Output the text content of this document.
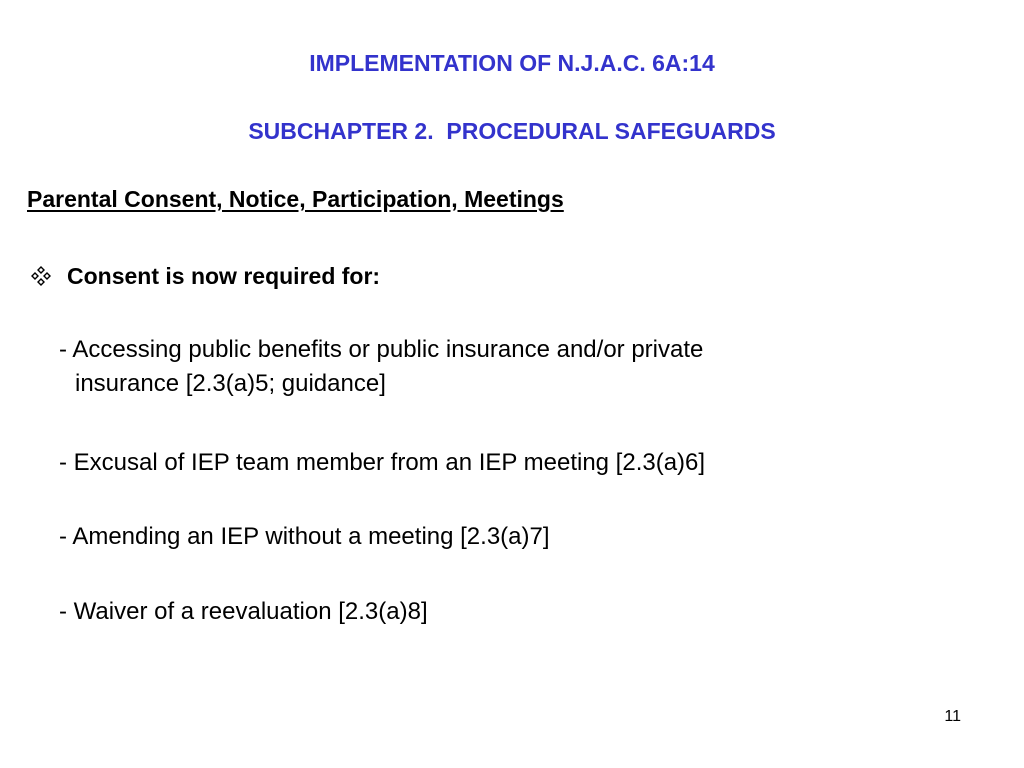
IMPLEMENTATION OF N.J.A.C. 6A:14
SUBCHAPTER 2.  PROCEDURAL SAFEGUARDS
Parental Consent, Notice, Participation, Meetings
Consent is now required for:
- Accessing public benefits or public insurance and/or private
insurance [2.3(a)5; guidance]
- Excusal of IEP team member from an IEP meeting [2.3(a)6]
- Amending an IEP without a meeting [2.3(a)7]
- Waiver of a reevaluation [2.3(a)8]
11
